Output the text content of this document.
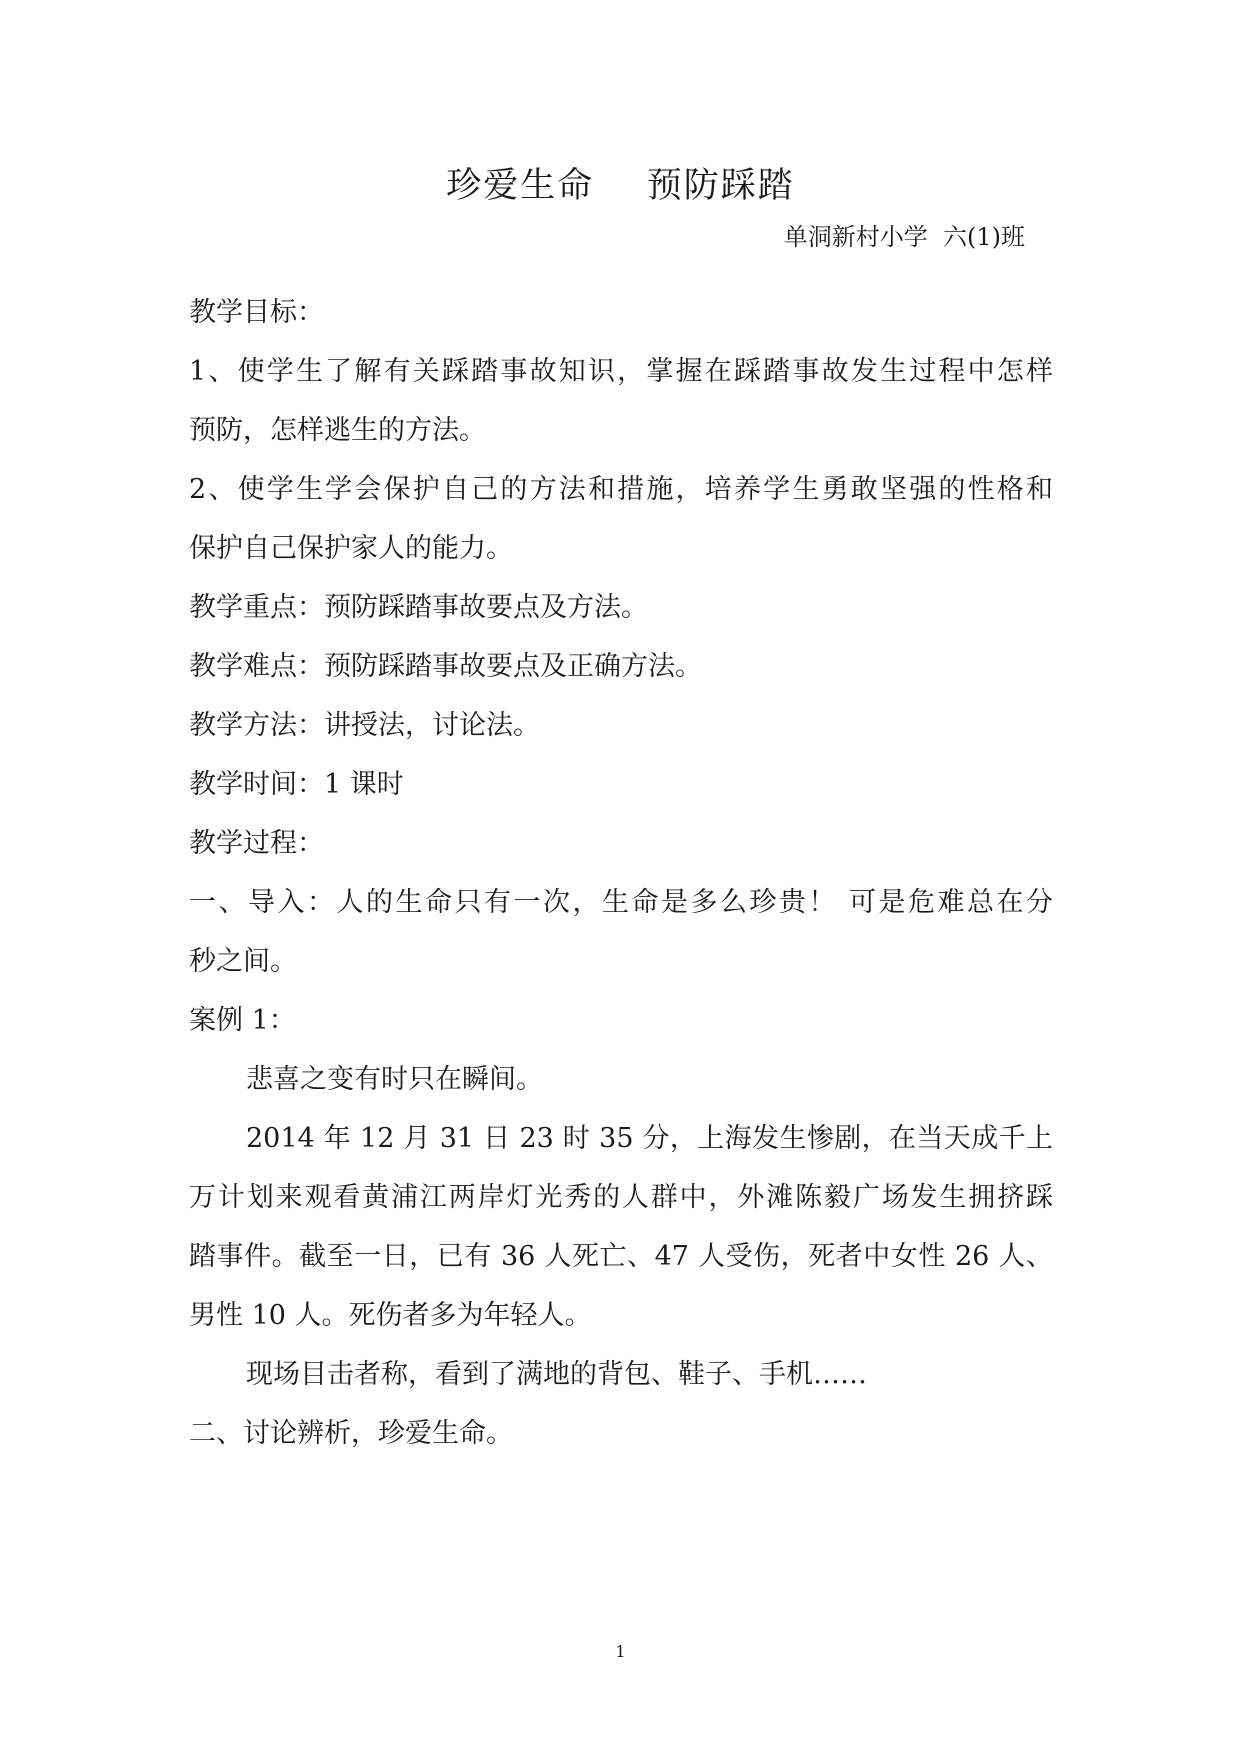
珍爱生命    预防踩踏
单洞新村小学  六(1)班
教学目标：
1、使学生了解有关踩踏事故知识，掌握在踩踏事故发生过程中怎样
预防，怎样逃生的方法。
2、使学生学会保护自己的方法和措施，培养学生勇敢坚强的性格和
保护自己保护家人的能力。
教学重点：预防踩踏事故要点及方法。
教学难点：预防踩踏事故要点及正确方法。
教学方法：讲授法，讨论法。
教学时间：1 课时
教学过程：
一、导入：人的生命只有一次，生命是多么珍贵！ 可是危难总在分
秒之间。
案例 1：
悲喜之变有时只在瞬间。
2014 年 12 月 31 日 23 时 35 分，上海发生惨剧，在当天成千上
万计划来观看黄浦江两岸灯光秀的人群中，外滩陈毅广场发生拥挤踩
踏事件。截至一日，已有 36 人死亡、47 人受伤，死者中女性 26 人、
男性 10 人。死伤者多为年轻人。
现场目击者称，看到了满地的背包、鞋子、手机……
二、讨论辨析，珍爱生命。
1
